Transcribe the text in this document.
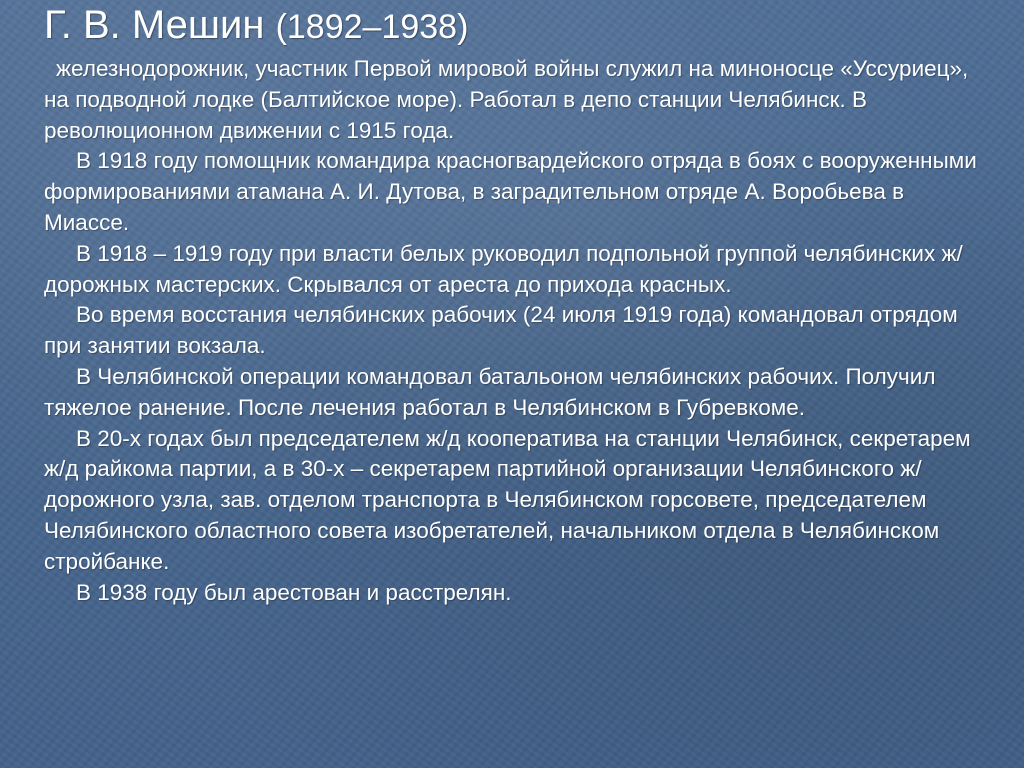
Г. В. Мешин (1892–1938)

железнодорожник, участник Первой мировой войны служил на миноносце «Уссуриец», на подводной лодке (Балтийское море). Работал в депо станции Челябинск. В революционном движении с 1915 года.

В 1918 году помощник командира красногвардейского отряда в боях с вооруженными формированиями атамана А. И. Дутова, в заградительном отряде А. Воробьева в Миассе.

В 1918 – 1919 году при власти белых руководил подпольной группой челябинских ж/дорожных мастерских. Скрывался от ареста до прихода красных.

Во время восстания челябинских рабочих (24 июля 1919 года) командовал отрядом при занятии вокзала.

В Челябинской операции командовал батальоном челябинских рабочих. Получил тяжелое ранение. После лечения работал в Челябинском в Губревкоме.

В 20-х годах был председателем ж/д кооператива на станции Челябинск, секретарем ж/д райкома партии, а в 30-х – секретарем партийной организации Челябинского ж/дорожного узла, зав. отделом транспорта в Челябинском горсовете, председателем Челябинского областного совета изобретателей, начальником отдела в Челябинском стройбанке.

В 1938 году был арестован и расстрелян.
